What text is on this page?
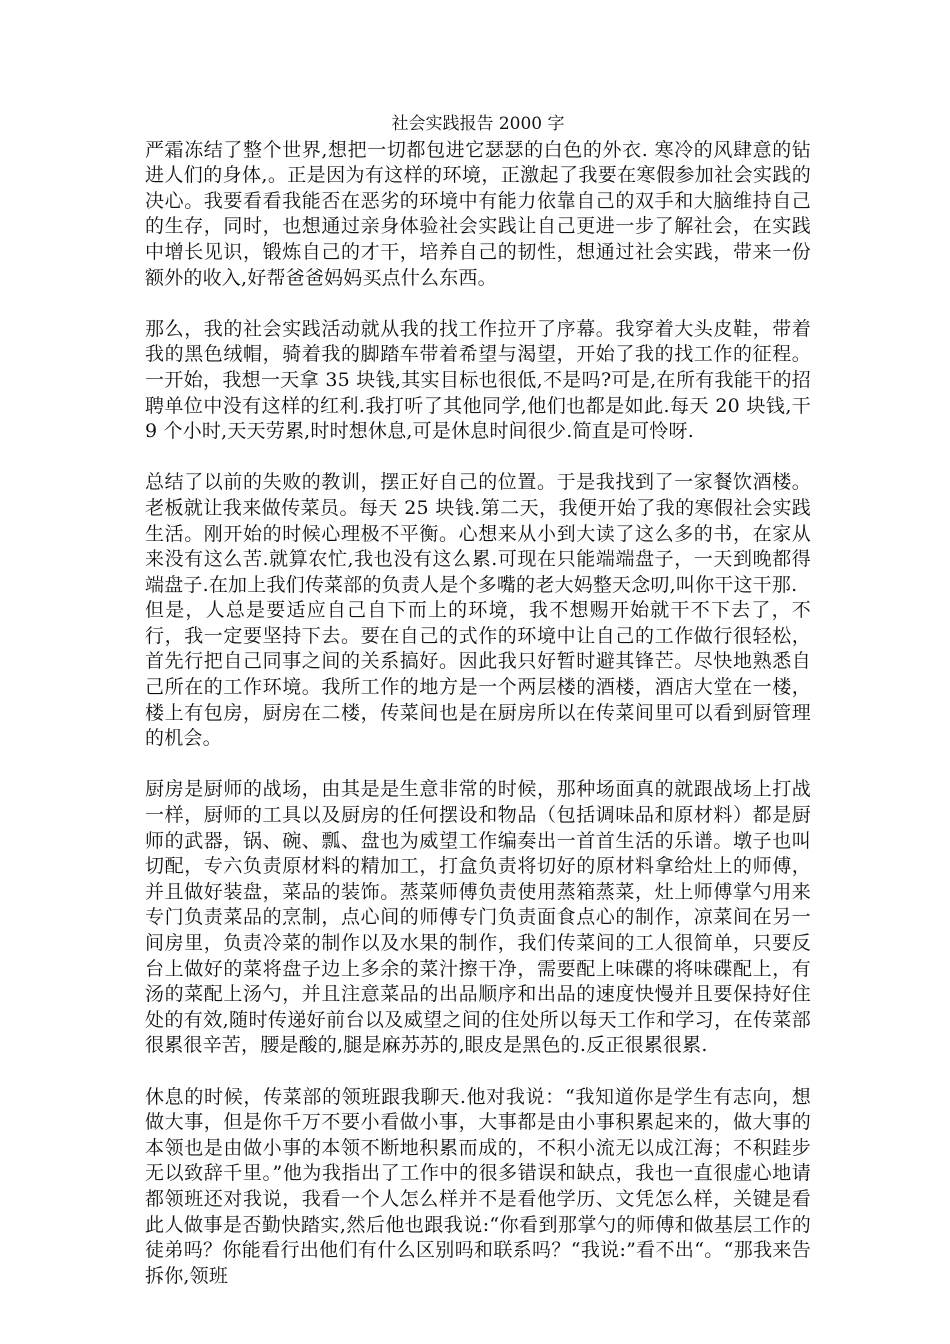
社会实践报告 2000 字

严霜冻结了整个世界,想把一切都包进它瑟瑟的白色的外衣. 寒冷的风肆意的钻进人们的身体,。正是因为有这样的环境，正激起了我要在寒假参加社会实践的决心。我要看看我能否在恶劣的环境中有能力依靠自己的双手和大脑维持自己的生存，同时，也想通过亲身体验社会实践让自己更进一步了解社会，在实践中增长见识，锻炼自己的才干，培养自己的韧性，想通过社会实践，带来一份额外的收入,好帮爸爸妈妈买点什么东西。

那么，我的社会实践活动就从我的找工作拉开了序幕。我穿着大头皮鞋，带着我的黑色绒帽，骑着我的脚踏车带着希望与渴望，开始了我的找工作的征程。一开始，我想一天拿 35 块钱,其实目标也很低,不是吗?可是,在所有我能干的招聘单位中没有这样的红利.我打听了其他同学,他们也都是如此.每天 20 块钱,干 9 个小时,天天劳累,时时想休息,可是休息时间很少.简直是可怜呀.

总结了以前的失败的教训，摆正好自己的位置。于是我找到了一家餐饮酒楼。老板就让我来做传菜员。每天 25 块钱.第二天，我便开始了我的寒假社会实践生活。刚开始的时候心理极不平衡。心想来从小到大读了这么多的书，在家从来没有这么苦.就算农忙,我也没有这么累.可现在只能端端盘子，一天到晚都得端盘子.在加上我们传菜部的负责人是个多嘴的老大妈整天念叨,叫你干这干那.

但是，人总是要适应自己自下而上的环境，我不想赐开始就干不下去了，不行，我一定要坚持下去。要在自己的式作的环境中让自己的工作做行很轻松，首先行把自己同事之间的关系搞好。因此我只好暂时避其锋芒。尽快地熟悉自己所在的工作环境。我所工作的地方是一个两层楼的酒楼，酒店大堂在一楼，楼上有包房，厨房在二楼，传菜间也是在厨房所以在传菜间里可以看到厨管理的机会。

厨房是厨师的战场，由其是是生意非常的时候，那种场面真的就跟战场上打战一样，厨师的工具以及厨房的任何摆设和物品（包括调味品和原材料）都是厨师的武器，锅、碗、瓢、盘也为威望工作编奏出一首首生活的乐谱。墩子也叫切配，专六负责原材料的精加工，打盒负责将切好的原材料拿给灶上的师傅，并且做好装盘，菜品的装饰。蒸菜师傅负责使用蒸箱蒸菜，灶上师傅掌勺用来专门负责菜品的烹制，点心间的师傅专门负责面食点心的制作，凉菜间在另一间房里，负责冷菜的制作以及水果的制作，我们传菜间的工人很简单，只要反台上做好的菜将盘子边上多余的菜汁擦干净，需要配上味碟的将味碟配上，有汤的菜配上汤勺，并且注意菜品的出品顺序和出品的速度快慢并且要保持好住处的有效,随时传递好前台以及威望之间的住处所以每天工作和学习，在传菜部很累很辛苦，腰是酸的,腿是麻苏苏的,眼皮是黑色的.反正很累很累.

休息的时候，传菜部的领班跟我聊天.他对我说：“我知道你是学生有志向，想做大事，但是你千万不要小看做小事，大事都是由小事积累起来的，做大事的本领也是由做小事的本领不断地积累而成的，不积小流无以成江海；不积跬步无以致辞千里。”他为我指出了工作中的很多错误和缺点，我也一直很虚心地请都领班还对我说，我看一个人怎么样并不是看他学历、文凭怎么样，关键是看此人做事是否勤快踏实,然后他也跟我说:“你看到那掌勺的师傅和做基层工作的徒弟吗？你能看行出他们有什么区别吗和联系吗？“我说:”看不出“。“那我来告拆你,领班
